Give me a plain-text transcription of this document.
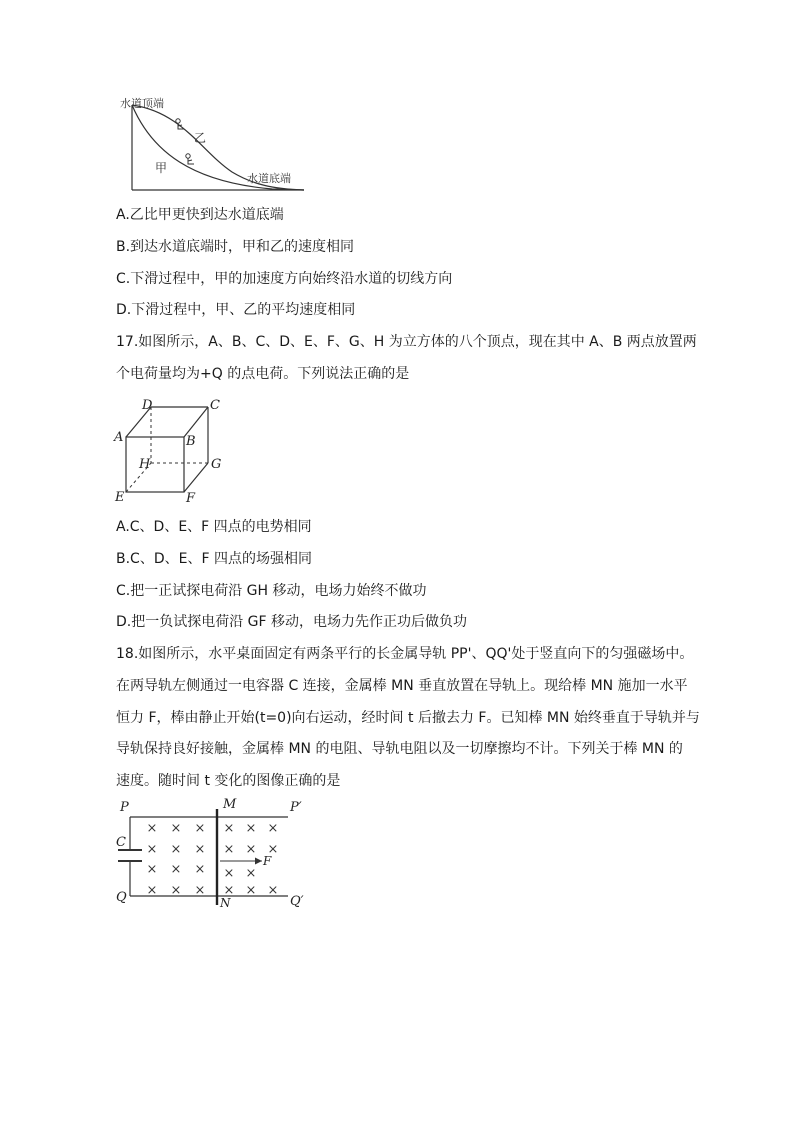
水道顶端
乙
甲
水道底端
A.乙比甲更快到达水道底端
B.到达水道底端时，甲和乙的速度相同
C.下滑过程中，甲的加速度方向始终沿水道的切线方向
D.下滑过程中，甲、乙的平均速度相同
17.如图所示，A、B、C、D、E、F、G、H 为立方体的八个顶点，现在其中 A、B 两点放置两
个电荷量均为+Q 的点电荷。下列说法正确的是
D	C
A	B
H	G
E	F
A.C、D、E、F 四点的电势相同
B.C、D、E、F 四点的场强相同
C.把一正试探电荷沿 GH 移动，电场力始终不做功
D.把一负试探电荷沿 GF 移动，电场力先作正功后做负功
18.如图所示，水平桌面固定有两条平行的长金属导轨 PP'、QQ'处于竖直向下的匀强磁场中。
在两导轨左侧通过一电容器 C 连接，金属棒 MN 垂直放置在导轨上。现给棒 MN 施加一水平
恒力 F，棒由静止开始(t=0)向右运动，经时间 t 后撤去力 F。已知棒 MN 始终垂直于导轨并与
导轨保持良好接触，金属棒 MN 的电阻、导轨电阻以及一切摩擦均不计。下列关于棒 MN 的
速度。随时间 t 变化的图像正确的是
× × × × × ×
× × × × × ×
× × × × ×
× × × × × ×
P	M	P′
C
F
Q	N	Q′
